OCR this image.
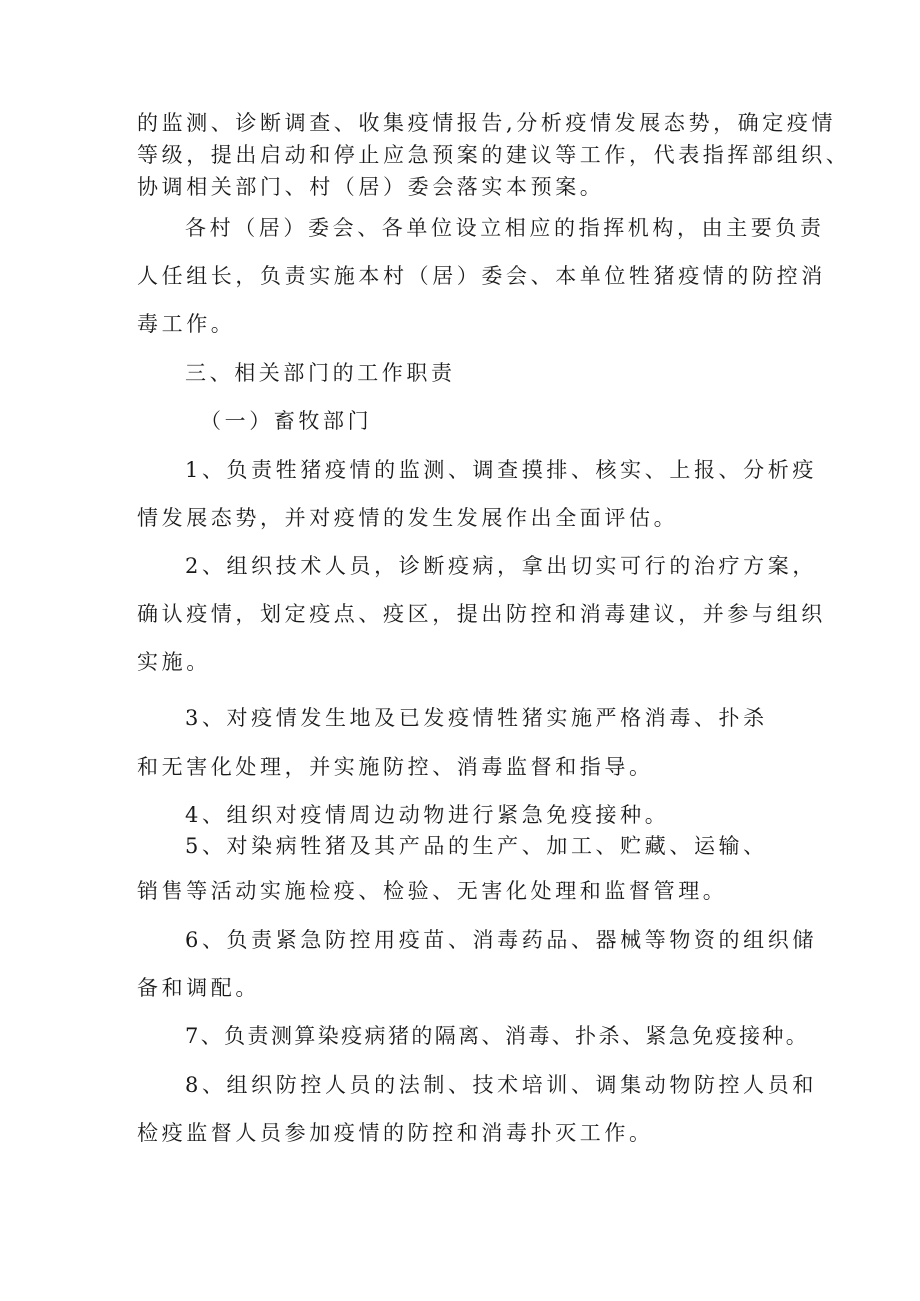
的监测、诊断调查、收集疫情报告,分析疫情发展态势，确定疫情
等级，提出启动和停止应急预案的建议等工作，代表指挥部组织、
协调相关部门、村（居）委会落实本预案。
各村（居）委会、各单位设立相应的指挥机构，由主要负责
人任组长，负责实施本村（居）委会、本单位牲猪疫情的防控消
毒工作。
三、相关部门的工作职责
（一）畜牧部门
1、负责牲猪疫情的监测、调查摸排、核实、上报、分析疫
情发展态势，并对疫情的发生发展作出全面评估。
2、组织技术人员，诊断疫病，拿出切实可行的治疗方案，
确认疫情，划定疫点、疫区，提出防控和消毒建议，并参与组织
实施。
3、对疫情发生地及已发疫情牲猪实施严格消毒、扑杀
和无害化处理，并实施防控、消毒监督和指导。
4、组织对疫情周边动物进行紧急免疫接种。
5、对染病牲猪及其产品的生产、加工、贮藏、运输、
销售等活动实施检疫、检验、无害化处理和监督管理。
6、负责紧急防控用疫苗、消毒药品、器械等物资的组织储
备和调配。
7、负责测算染疫病猪的隔离、消毒、扑杀、紧急免疫接种。
8、组织防控人员的法制、技术培训、调集动物防控人员和
检疫监督人员参加疫情的防控和消毒扑灭工作。
